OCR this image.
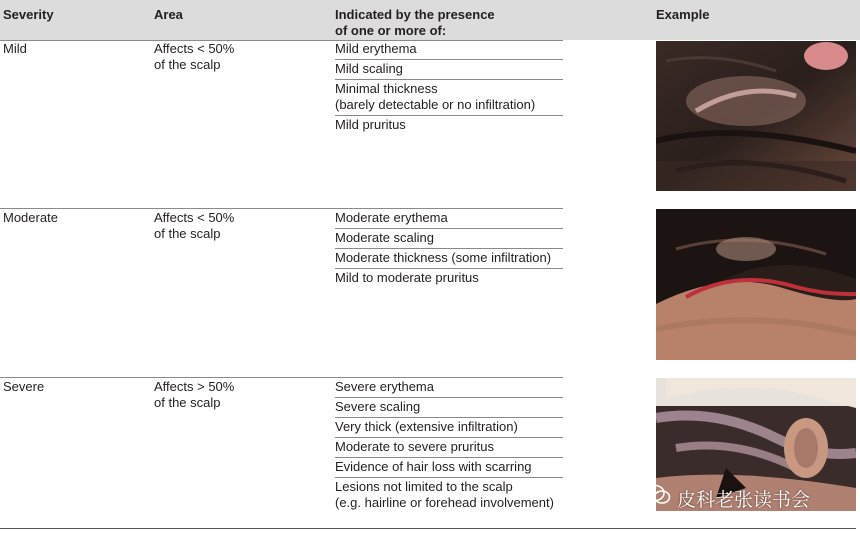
Severity	Area	Indicated by the presence
of one or more of:
Example
Mild	Affects < 50%
of the scalp
Mild erythema
Mild scaling
Minimal thickness
(barely detectable or no infiltration)
Mild pruritus
Moderate	Affects < 50%
of the scalp
Moderate erythema
Moderate scaling
Moderate thickness (some infiltration)
Mild to moderate pruritus
Severe	Affects > 50%
of the scalp
Severe erythema
Severe scaling
Very thick (extensive infiltration)
Moderate to severe pruritus
Evidence of hair loss with scarring
Lesions not limited to the scalp
(e.g. hairline or forehead involvement)	皮科老张读书会
